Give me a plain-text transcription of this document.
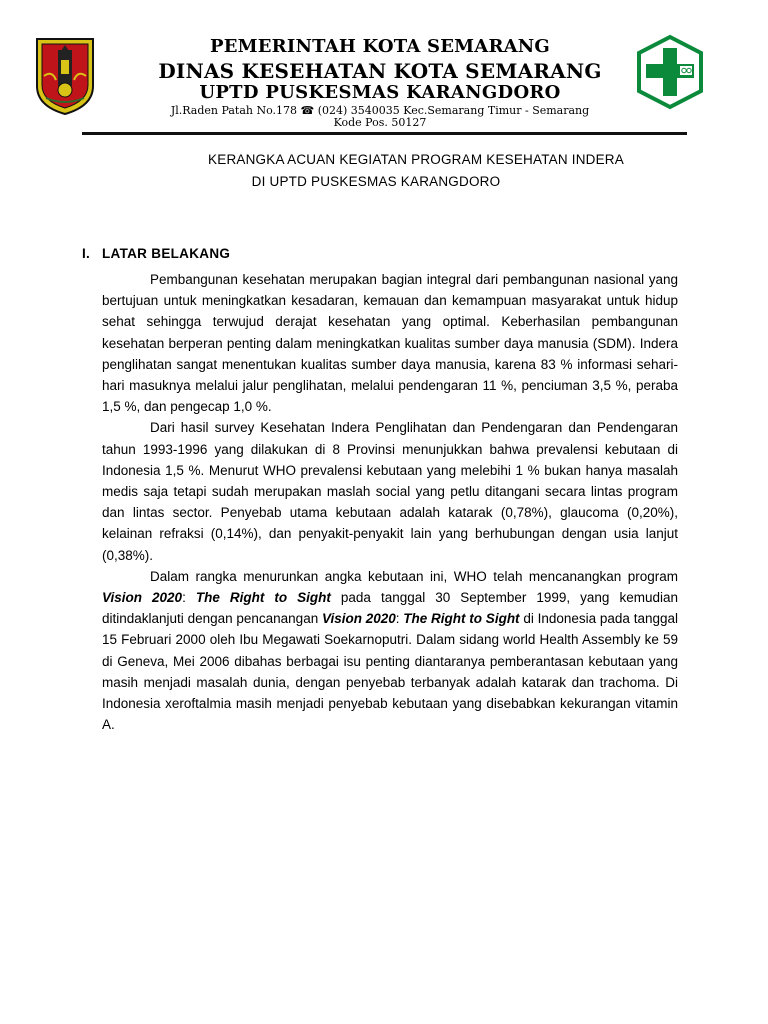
PEMERINTAH KOTA SEMARANG
DINAS KESEHATAN KOTA SEMARANG
UPTD PUSKESMAS KARANGDORO
Jl.Raden Patah No.178 ☎ (024) 3540035 Kec.Semarang Timur - Semarang
Kode Pos. 50127
KERANGKA ACUAN KEGIATAN PROGRAM KESEHATAN INDERA
DI UPTD PUSKESMAS KARANGDORO
I. LATAR BELAKANG

Pembangunan kesehatan merupakan bagian integral dari pembangunan nasional yang bertujuan untuk meningkatkan kesadaran, kemauan dan kemampuan masyarakat untuk hidup sehat sehingga terwujud derajat kesehatan yang optimal. Keberhasilan pembangunan kesehatan berperan penting dalam meningkatkan kualitas sumber daya manusia (SDM). Indera penglihatan sangat menentukan kualitas sumber daya manusia, karena 83 % informasi sehari- hari masuknya melalui jalur penglihatan, melalui pendengaran 11 %, penciuman 3,5 %, peraba 1,5 %, dan pengecap 1,0 %.

Dari hasil survey Kesehatan Indera Penglihatan dan Pendengaran dan Pendengaran tahun 1993-1996 yang dilakukan di 8 Provinsi menunjukkan bahwa prevalensi kebutaan di Indonesia 1,5 %. Menurut WHO prevalensi kebutaan yang melebihi 1 % bukan hanya masalah medis saja tetapi sudah merupakan maslah social yang petlu ditangani secara lintas program dan lintas sector. Penyebab utama kebutaan adalah katarak (0,78%), glaucoma (0,20%), kelainan refraksi (0,14%), dan penyakit-penyakit lain yang berhubungan dengan usia lanjut (0,38%).

Dalam rangka menurunkan angka kebutaan ini, WHO telah mencanangkan program Vision 2020: The Right to Sight pada tanggal 30 September 1999, yang kemudian ditindaklanjuti dengan pencanangan Vision 2020: The Right to Sight di Indonesia pada tanggal 15 Februari 2000 oleh Ibu Megawati Soekarnoputri. Dalam sidang world Health Assembly ke 59 di Geneva, Mei 2006 dibahas berbagai isu penting diantaranya pemberantasan kebutaan yang masih menjadi masalah dunia, dengan penyebab terbanyak adalah katarak dan trachoma. Di Indonesia xeroftalmia masih menjadi penyebab kebutaan yang disebabkan kekurangan vitamin A.
